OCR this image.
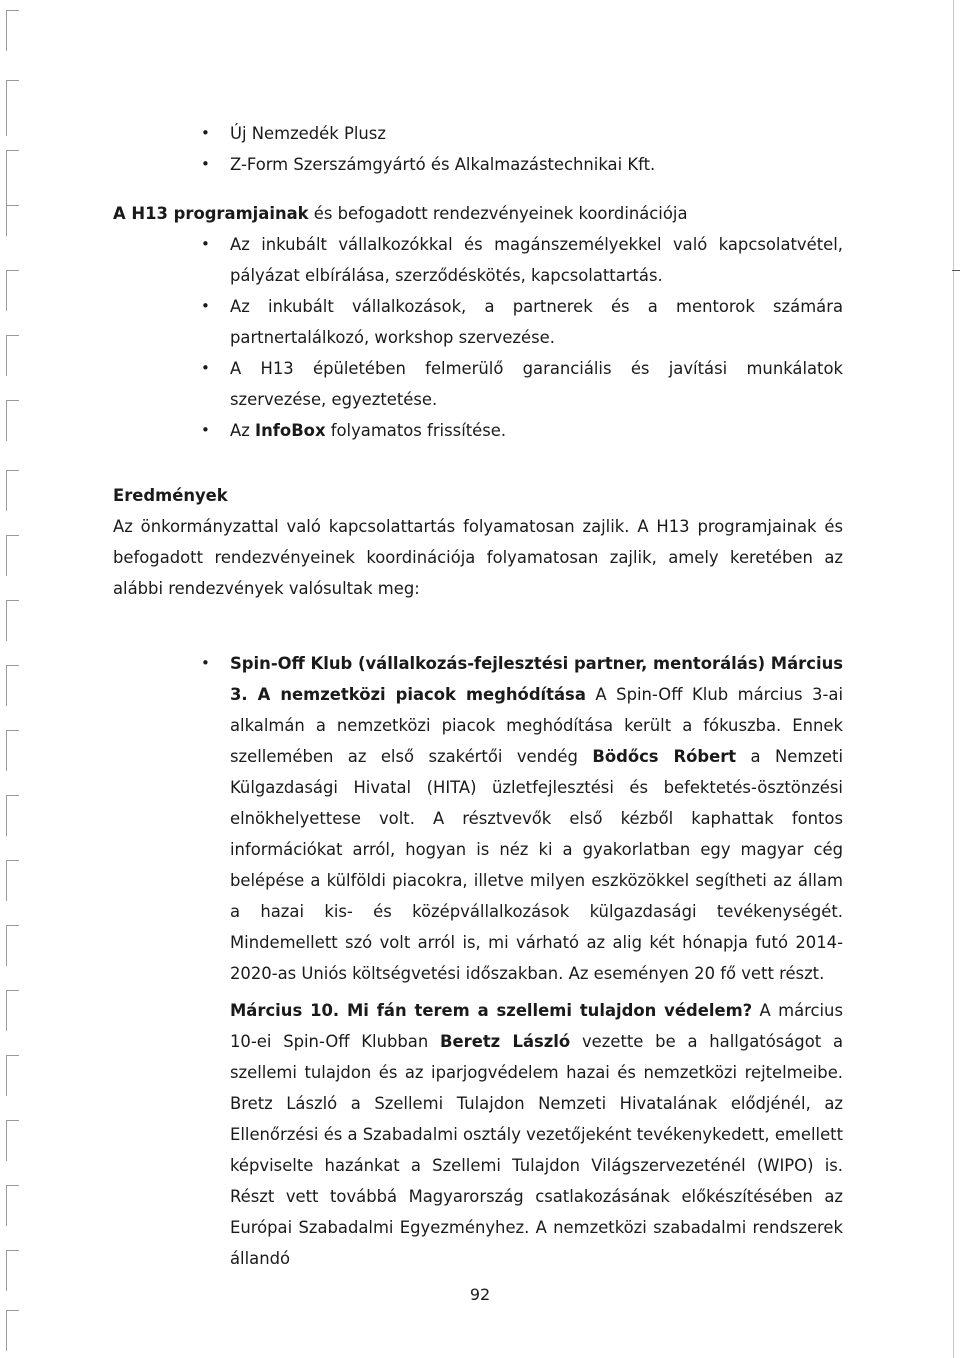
• Új Nemzedék Plusz
• Z-Form Szerszámgyártó és Alkalmazástechnikai Kft.
A H13 programjainak és befogadott rendezvényeinek koordinációja
• Az inkubált vállalkozókkal és magánszemélyekkel való kapcsolatvétel, pályázat elbírálása, szerződéskötés, kapcsolattartás.
• Az inkubált vállalkozások, a partnerek és a mentorok számára partnertalálkozó, workshop szervezése.
• A H13 épületében felmerülő garanciális és javítási munkálatok szervezése, egyeztetése.
• Az InfoBox folyamatos frissítése.
Eredmények
Az önkormányzattal való kapcsolattartás folyamatosan zajlik. A H13 programjainak és befogadott rendezvényeinek koordinációja folyamatosan zajlik, amely keretében az alábbi rendezvények valósultak meg:

• Spin-Off Klub (vállalkozás-fejlesztési partner, mentorálás) Március 3. A nemzetközi piacok meghódítása A Spin-Off Klub március 3-ai alkalmán a nemzetközi piacok meghódítása került a fókuszba. Ennek szellemében az első szakértői vendég Bödőcs Róbert a Nemzeti Külgazdasági Hivatal (HITA) üzletfejlesztési és befektetés-ösztönzési elnökhelyettese volt. A résztvevők első kézből kaphattak fontos információkat arról, hogyan is néz ki a gyakorlatban egy magyar cég belépése a külföldi piacokra, illetve milyen eszközökkel segítheti az állam a hazai kis- és középvállalkozások külgazdasági tevékenységét. Mindemellett szó volt arról is, mi várható az alig két hónapja futó 2014-2020-as Uniós költségvetési időszakban. Az eseményen 20 fő vett részt.

Március 10. Mi fán terem a szellemi tulajdon védelem? A március 10-ei Spin-Off Klubban Beretz László vezette be a hallgatóságot a szellemi tulajdon és az iparjogvédelem hazai és nemzetközi rejtelmeibe. Bretz László a Szellemi Tulajdon Nemzeti Hivatalának elődjénél, az Ellenőrzési és a Szabadalmi osztály vezetőjeként tevékenykedett, emellett képviselte hazánkat a Szellemi Tulajdon Világszervezeténél (WIPO) is. Részt vett továbbá Magyarország csatlakozásának előkészítésében az Európai Szabadalmi Egyezményhez. A nemzetközi szabadalmi rendszerek állandó

92
